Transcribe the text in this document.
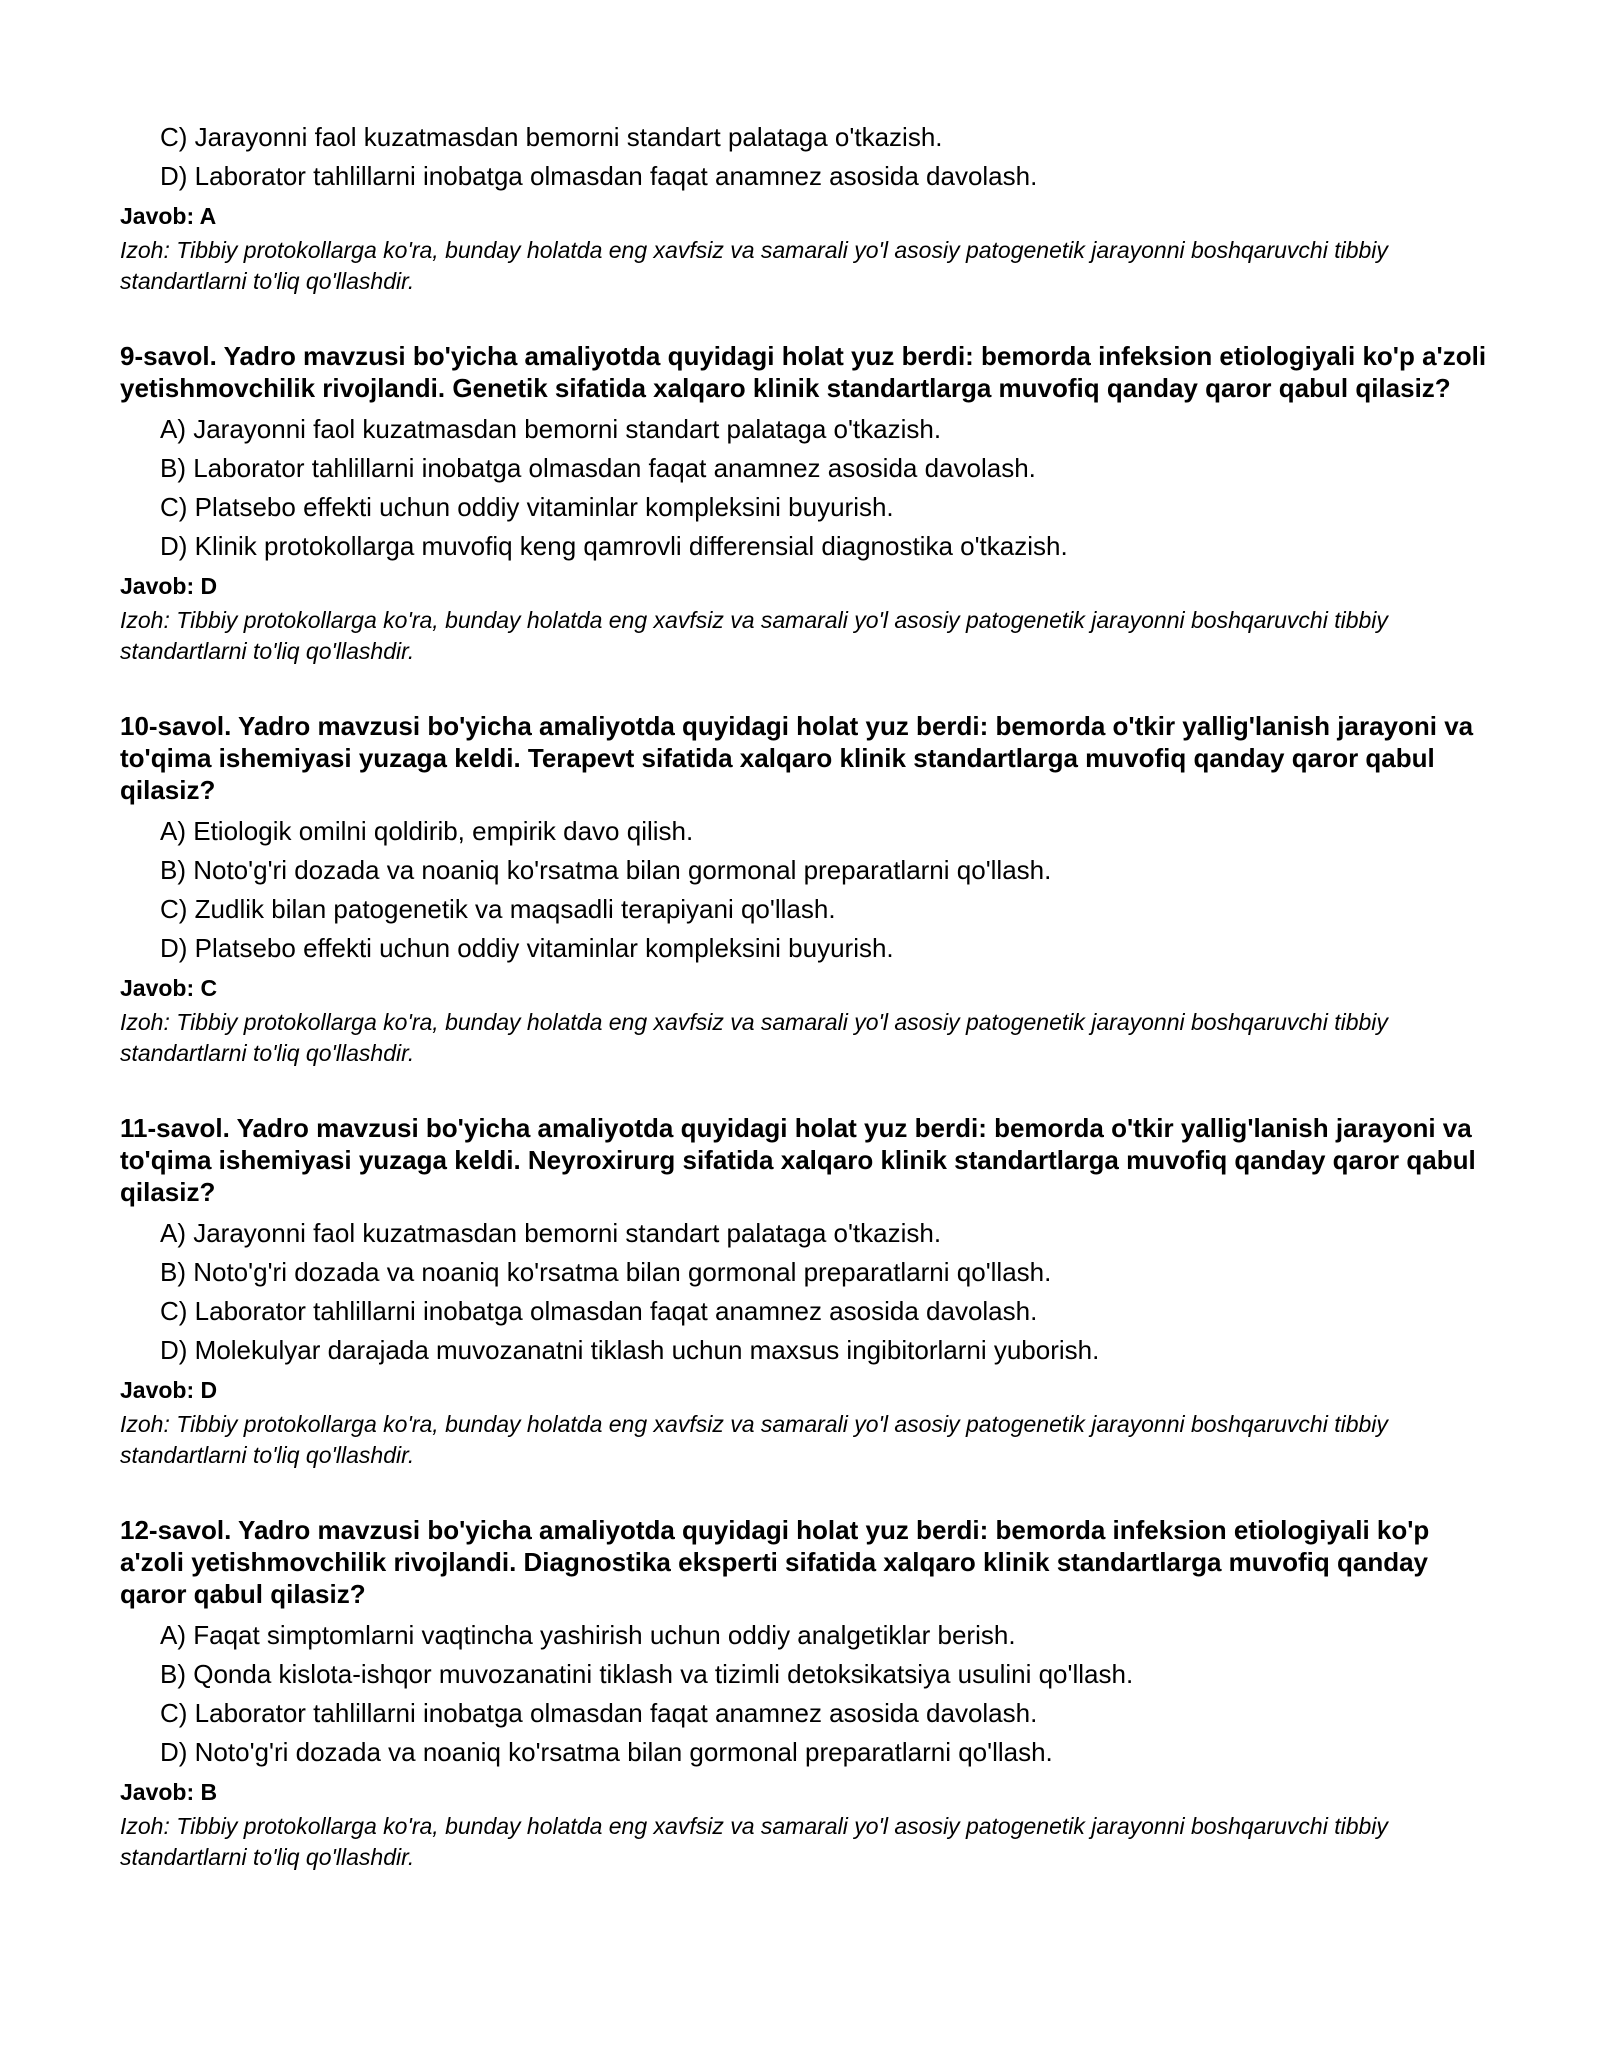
C) Jarayonni faol kuzatmasdan bemorni standart palataga o'tkazish.
D) Laborator tahlillarni inobatga olmasdan faqat anamnez asosida davolash.
Javob: A
Izoh: Tibbiy protokollarga ko'ra, bunday holatda eng xavfsiz va samarali yo'l asosiy patogenetik jarayonni boshqaruvchi tibbiy standartlarni to'liq qo'llashdir.
9-savol. Yadro mavzusi bo'yicha amaliyotda quyidagi holat yuz berdi: bemorda infeksion etiologiyali ko'p a'zoli yetishmovchilik rivojlandi. Genetik sifatida xalqaro klinik standartlarga muvofiq qanday qaror qabul qilasiz?
A) Jarayonni faol kuzatmasdan bemorni standart palataga o'tkazish.
B) Laborator tahlillarni inobatga olmasdan faqat anamnez asosida davolash.
C) Platsebo effekti uchun oddiy vitaminlar kompleksini buyurish.
D) Klinik protokollarga muvofiq keng qamrovli differensial diagnostika o'tkazish.
Javob: D
Izoh: Tibbiy protokollarga ko'ra, bunday holatda eng xavfsiz va samarali yo'l asosiy patogenetik jarayonni boshqaruvchi tibbiy standartlarni to'liq qo'llashdir.
10-savol. Yadro mavzusi bo'yicha amaliyotda quyidagi holat yuz berdi: bemorda o'tkir yallig'lanish jarayoni va to'qima ishemiyasi yuzaga keldi. Terapevt sifatida xalqaro klinik standartlarga muvofiq qanday qaror qabul qilasiz?
A) Etiologik omilni qoldirib, empirik davo qilish.
B) Noto'g'ri dozada va noaniq ko'rsatma bilan gormonal preparatlarni qo'llash.
C) Zudlik bilan patogenetik va maqsadli terapiyani qo'llash.
D) Platsebo effekti uchun oddiy vitaminlar kompleksini buyurish.
Javob: C
Izoh: Tibbiy protokollarga ko'ra, bunday holatda eng xavfsiz va samarali yo'l asosiy patogenetik jarayonni boshqaruvchi tibbiy standartlarni to'liq qo'llashdir.
11-savol. Yadro mavzusi bo'yicha amaliyotda quyidagi holat yuz berdi: bemorda o'tkir yallig'lanish jarayoni va to'qima ishemiyasi yuzaga keldi. Neyroxirurg sifatida xalqaro klinik standartlarga muvofiq qanday qaror qabul qilasiz?
A) Jarayonni faol kuzatmasdan bemorni standart palataga o'tkazish.
B) Noto'g'ri dozada va noaniq ko'rsatma bilan gormonal preparatlarni qo'llash.
C) Laborator tahlillarni inobatga olmasdan faqat anamnez asosida davolash.
D) Molekulyar darajada muvozanatni tiklash uchun maxsus ingibitorlarni yuborish.
Javob: D
Izoh: Tibbiy protokollarga ko'ra, bunday holatda eng xavfsiz va samarali yo'l asosiy patogenetik jarayonni boshqaruvchi tibbiy standartlarni to'liq qo'llashdir.
12-savol. Yadro mavzusi bo'yicha amaliyotda quyidagi holat yuz berdi: bemorda infeksion etiologiyali ko'p a'zoli yetishmovchilik rivojlandi. Diagnostika eksperti sifatida xalqaro klinik standartlarga muvofiq qanday qaror qabul qilasiz?
A) Faqat simptomlarni vaqtincha yashirish uchun oddiy analgetiklar berish.
B) Qonda kislota-ishqor muvozanatini tiklash va tizimli detoksikatsiya usulini qo'llash.
C) Laborator tahlillarni inobatga olmasdan faqat anamnez asosida davolash.
D) Noto'g'ri dozada va noaniq ko'rsatma bilan gormonal preparatlarni qo'llash.
Javob: B
Izoh: Tibbiy protokollarga ko'ra, bunday holatda eng xavfsiz va samarali yo'l asosiy patogenetik jarayonni boshqaruvchi tibbiy standartlarni to'liq qo'llashdir.
